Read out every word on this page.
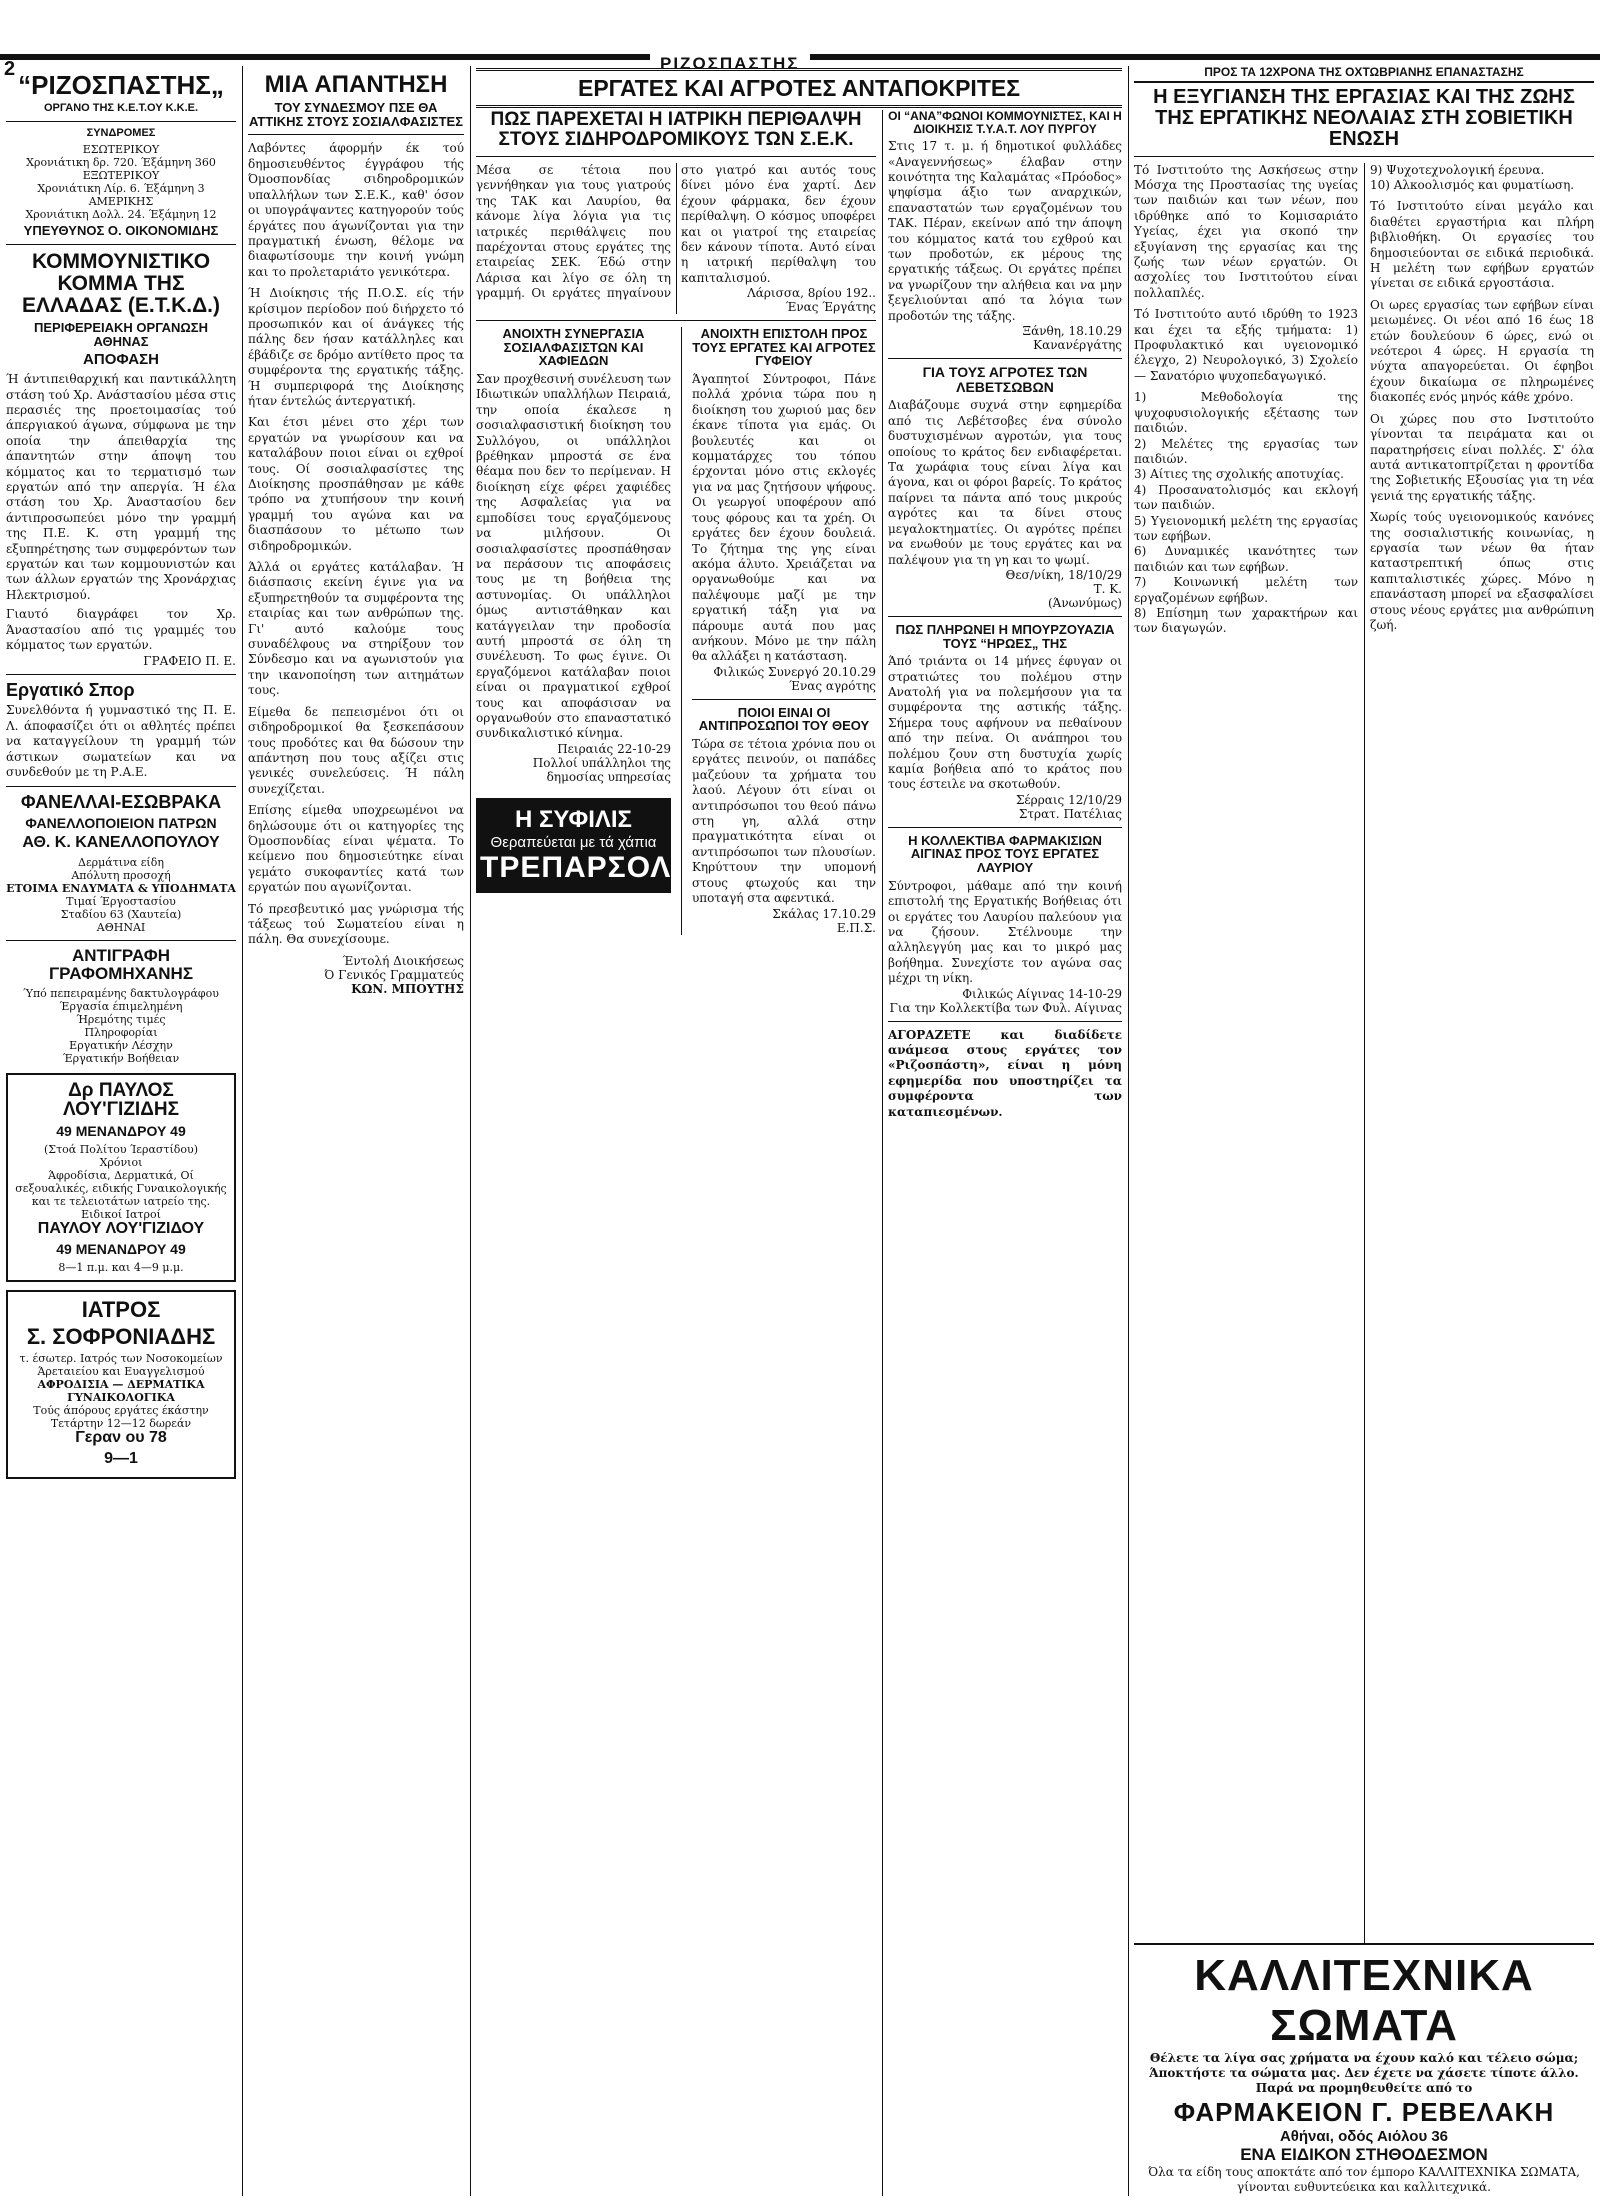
2	ΡΙΖΟΣΠΑΣΤΗΣ
“ΡΙΖΟΣΠΑΣΤΗΣ„
ΟΡΓΑΝΟ ΤΗΣ Κ.Ε.Τ.ΟΥ Κ.Κ.Ε.
ΣΥΝΔΡΟΜΕΣ
ΕΣΩΤΕΡΙΚΟΥ
Χρονιάτικη δρ. 720. Έξάμηνη 360
ΕΞΩΤΕΡΙΚΟΥ
Χρονιάτικη Λίρ. 6. Έξάμηνη 3
ΑΜΕΡΙΚΗΣ
Χρονιάτικη Δολλ. 24. Έξάμηνη 12
ΥΠΕΥΘΥΝΟΣ Ο. ΟΙΚΟΝΟΜΙΔΗΣ
ΚΟΜΜΟΥΝΙΣΤΙΚΟ ΚΟΜΜΑ ΤΗΣ ΕΛΛΑΔΑΣ (Ε.Τ.Κ.Δ.)
ΠΕΡΙΦΕΡΕΙΑΚΗ ΟΡΓΑΝΩΣΗ ΑΘΗΝΑΣ
ΑΠΟΦΑΣΗ
Ή άντιπειθαρχική και παντικάλλητη στάση τού Χρ. Ανάστασίου μέσα στις περασιές της προετοιμασίας τού άπεργιακού άγωνα, σύμφωνα με την οποία την άπειθαρχία της άπαντητών στην άποψη του κόμματος και το τερματισμό των εργατών από την απεργία. Ή έλα στάση του Χρ. Άναστασίου δεν άντιπροσωπεύει μόνο την γραμμή της Π.Ε. Κ. στη γραμμή της εξυπηρέτησης των συμφερόντων των εργατών και των κομμουνιστών και των άλλων εργατών της Χρονάρχιας Ηλεκτρισμού.
Γιαυτό διαγράφει τον Χρ. Άναστασίου από τις γραμμές του κόμματος των εργατών.
ΓΡΑΦΕΙΟ Π. Ε.
Εργατικό Σπορ
Συνελθόντα ή γυμναστικό της Π. Ε. Λ. άποφασίζει ότι οι αθλητές πρέπει να καταγγείλουν τη γραμμή τών άστικων σωματείων και να συνδεθούν με τη Ρ.Α.Ε.
ΦΑΝΕΛΛΑΙ-ΕΣΩΒΡΑΚΑ
ΦΑΝΕΛΛΟΠΟΙΕΙΟΝ ΠΑΤΡΩΝ
ΑΘ. Κ. ΚΑΝΕΛΛΟΠΟΥΛΟΥ
Δερμάτινα είδη
Απόλυτη προσοχή
ΕΤΟΙΜΑ ΕΝΔΥΜΑΤΑ & ΥΠΟΔΗΜΑΤΑ
Τιμαί Έργοστασίου
Σταδίου 63 (Χαυτεία)
ΑΘΗΝΑΙ
ΑΝΤΙΓΡΑΦΗ ΓΡΑΦΟΜΗΧΑΝΗΣ
Ύπό πεπειραμένης δακτυλογράφου
Έργασία έπιμελημένη
Ήρεμότης τιμές
Πληροφορίαι
Εργατικήν Λέσχην
Έργατικήν Βοήθειαν
Δρ ΠΑΥΛΟΣ ΛΟΥ'ΓΙΖΙΔΗΣ
49 ΜΕΝΑΝΔΡΟΥ 49
(Στοά Πολίτου Ίεραστίδου)
Χρόνιοι
Άφροδίσια, Δερματικά, Οί σεξουαλικές, ειδικής Γυναικολογικής και τε τελειοτάτων ιατρείο της.
Ειδικοί Ιατροί
ΠΑΥΛΟΥ ΛΟΥ'ΓΙΖΙΔΟΥ
49 ΜΕΝΑΝΔΡΟΥ 49
8—1 π.μ. και 4—9 μ.μ.
ΙΑΤΡΟΣ
Σ. ΣΟΦΡΟΝΙΑΔΗΣ
τ. έσωτερ. Ιατρός των Νοσοκομείων Άρεταιείου και Ευαγγελισμού
ΑΦΡΟΔΙΣΙΑ — ΔΕΡΜΑΤΙΚΑ
ΓΥΝΑΙΚΟΛΟΓΙΚΑ
Τούς άπόρους εργάτες έκάστην Τετάρτην 12—12 δωρεάν
Γεραν ου 78
9—1
ΜΙΑ ΑΠΑΝΤΗΣΗ
ΤΟΥ ΣΥΝΔΕΣΜΟΥ ΠΣΕ ΘΑ ΑΤΤΙΚΗΣ ΣΤΟΥΣ ΣΟΣΙΑΛΦΑΣΙΣΤΕΣ

Λαβόντες άφορμήν έκ τού δημοσιευθέντος έγγράφου τής Όμοσπονδίας σιδηροδρομικών υπαλλήλων των Σ.Ε.Κ., καθ' όσον οι υπογράψαντες κατηγορούν τούς έργάτες που άγωνίζονται για την πραγματική ένωση, θέλομε να διαφωτίσουμε την κοινή γνώμη και το προλεταριάτο γενικότερα.

Ή Διοίκησις τής Π.Ο.Σ. είς τήν κρίσιμον περίοδον πού διήρχετο τό προσωπικόν και οί άνάγκες τής πάλης δεν ήσαν κατάλληλες και έβάδιζε σε δρόμο αντίθετο προς τα συμφέροντα της εργατικής τάξης. Ή συμπεριφορά της Διοίκησης ήταν έντελώς άντεργατική.

Και έτσι μένει στο χέρι των εργατών να γνωρίσουν και να καταλάβουν ποιοι είναι οι εχθροί τους. Οί σοσιαλφασίστες της Διοίκησης προσπάθησαν με κάθε τρόπο να χτυπήσουν την κοινή γραμμή του αγώνα και να διασπάσουν το μέτωπο των σιδηροδρομικών.

Άλλά οι εργάτες κατάλαβαν. Ή διάσπασις εκείνη έγινε για να εξυπηρετηθούν τα συμφέροντα της εταιρίας και των ανθρώπων της. Γι' αυτό καλούμε τους συναδέλφους να στηρίξουν τον Σύνδεσμο και να αγωνιστούν για την ικανοποίηση των αιτημάτων τους.

Είμεθα δε πεπεισμένοι ότι οι σιδηροδρομικοί θα ξεσκεπάσουν τους προδότες και θα δώσουν την απάντηση που τους αξίζει στις γενικές συνελεύσεις. Ή πάλη συνεχίζεται.

Επίσης είμεθα υποχρεωμένοι να δηλώσουμε ότι οι κατηγορίες της Όμοσπονδίας είναι ψέματα. Το κείμενο που δημοσιεύτηκε είναι γεμάτο συκοφαντίες κατά των εργατών που αγωνίζονται.

Τό πρεσβευτικό μας γνώρισμα τής τάξεως τού Σωματείου είναι η πάλη. Θα συνεχίσουμε.

Έντολή Διοικήσεως
Ό Γενικός Γραμματεύς
ΚΩΝ. ΜΠΟΥΤΗΣ
ΕΡΓΑΤΕΣ ΚΑΙ ΑΓΡΟΤΕΣ ΑΝΤΑΠΟΚΡΙΤΕΣ
ΠΩΣ ΠΑΡΕΧΕΤΑΙ Η ΙΑΤΡΙΚΗ ΠΕΡΙΘΑΛΨΗ ΣΤΟΥΣ ΣΙΔΗΡΟΔΡΟΜΙΚΟΥΣ ΤΩΝ Σ.Ε.Κ.
Μέσα σε τέτοια που γεννήθηκαν για τους γιατρούς της ΤΑΚ και Λαυρίου, θα κάνομε λίγα λόγια για τις ιατρικές περιθάλψεις που παρέχονται στους εργάτες της εταιρείας ΣΕΚ. Έδώ στην Λάρισα και λίγο σε όλη τη γραμμή. Οι εργάτες πηγαίνουν στο γιατρό και αυτός τους δίνει μόνο ένα χαρτί. Δεν έχουν φάρμακα, δεν έχουν περίθαλψη. Ο κόσμος υποφέρει και οι γιατροί της εταιρείας δεν κάνουν τίποτα. Αυτό είναι η ιατρική περίθαλψη του καπιταλισμού.
Λάρισσα, 8ρίου 192..
Ένας Έργάτης
ΑΝΟΙΧΤΗ ΣΥΝΕΡΓΑΣΙΑ ΣΟΣΙΑΛΦΑΣΙΣΤΩΝ ΚΑΙ ΧΑΦΙΕΔΩΝ
Σαν προχθεσινή συνέλευση των Ιδιωτικών υπαλλήλων Πειραιά, την οποία έκαλεσε η σοσιαλφασιστική διοίκηση του Συλλόγου, οι υπάλληλοι βρέθηκαν μπροστά σε ένα θέαμα που δεν το περίμεναν. Η διοίκηση είχε φέρει χαφιέδες της Ασφαλείας για να εμποδίσει τους εργαζόμενους να μιλήσουν. Οι σοσιαλφασίστες προσπάθησαν να περάσουν τις αποφάσεις τους με τη βοήθεια της αστυνομίας. Οι υπάλληλοι όμως αντιστάθηκαν και κατάγγειλαν την προδοσία αυτή μπροστά σε όλη τη συνέλευση. Το φως έγινε. Οι εργαζόμενοι κατάλαβαν ποιοι είναι οι πραγματικοί εχθροί τους και αποφάσισαν να οργανωθούν στο επαναστατικό συνδικαλιστικό κίνημα.
Πειραιάς 22-10-29
Πολλοί υπάλληλοι της δημοσίας υπηρεσίας
Η ΣΥΦΙΛΙΣ
Θεραπεύεται με τά χάπια
ΤΡΕΠΑΡΣΟΛ
ΑΝΟΙΧΤΗ ΕΠΙΣΤΟΛΗ ΠΡΟΣ ΤΟΥΣ ΕΡΓΑΤΕΣ ΚΑΙ ΑΓΡΟΤΕΣ ΓΥΦΕΙΟΥ
Άγαπητοί Σύντροφοι, Πάνε πολλά χρόνια τώρα που η διοίκηση του χωριού μας δεν έκανε τίποτα για εμάς. Οι βουλευτές και οι κομματάρχες του τόπου έρχονται μόνο στις εκλογές για να μας ζητήσουν ψήφους. Οι γεωργοί υποφέρουν από τους φόρους και τα χρέη. Οι εργάτες δεν έχουν δουλειά. Το ζήτημα της γης είναι ακόμα άλυτο. Χρειάζεται να οργανωθούμε και να παλέψουμε μαζί με την εργατική τάξη για να πάρουμε αυτά που μας ανήκουν. Μόνο με την πάλη θα αλλάξει η κατάσταση.
Φιλικώς Συνεργό 20.10.29
Ένας αγρότης
ΠΟΙΟΙ ΕΙΝΑΙ ΟΙ ΑΝΤΙΠΡΟΣΩΠΟΙ ΤΟΥ ΘΕΟΥ
Τώρα σε τέτοια χρόνια που οι εργάτες πεινούν, οι παπάδες μαζεύουν τα χρήματα του λαού. Λέγουν ότι είναι οι αντιπρόσωποι του θεού πάνω στη γη, αλλά στην πραγματικότητα είναι οι αντιπρόσωποι των πλουσίων. Κηρύττουν την υπομονή στους φτωχούς και την υποταγή στα αφεντικά.
Σκάλας 17.10.29
Ε.Π.Σ.
ΟΙ “ΑΝΑ”ΦΩΝΟΙ ΚΟΜΜΟΥΝΙΣΤΕΣ, ΚΑΙ Η ΔΙΟΙΚΗΣΙΣ Τ.Υ.Α.Τ. ΛΟΥ ΠΥΡΓΟΥ
Στις 17 τ. μ. ή δημοτικοί φυλλάδες «Αναγεννήσεως» έλαβαν στην κοινότητα της Καλαμάτας «Πρόοδος» ψηφίσμα άξιο των αναρχικών, επαναστατών των εργαζομένων του ΤΑΚ. Πέραν, εκείνων από την άποψη του κόμματος κατά του εχθρού και των προδοτών, εκ μέρους της εργατικής τάξεως. Οι εργάτες πρέπει να γνωρίζουν την αλήθεια και να μην ξεγελιούνται από τα λόγια των προδοτών της τάξης.
Ξάνθη, 18.10.29
Κανανέργάτης
ΓΙΑ ΤΟΥΣ ΑΓΡΟΤΕΣ ΤΩΝ ΛΕΒΕΤΣΩΒΩΝ
Διαβάζουμε συχνά στην εφημερίδα από τις Λεβέτσοβες ένα σύνολο δυστυχισμένων αγροτών, για τους οποίους το κράτος δεν ενδιαφέρεται. Τα χωράφια τους είναι λίγα και άγονα, και οι φόροι βαρείς. Το κράτος παίρνει τα πάντα από τους μικρούς αγρότες και τα δίνει στους μεγαλοκτηματίες. Οι αγρότες πρέπει να ενωθούν με τους εργάτες και να παλέψουν για τη γη και το ψωμί.
Θεσ/νίκη, 18/10/29
Τ. Κ.
(Άνωνύμως)
ΠΩΣ ΠΛΗΡΩΝΕΙ Η ΜΠΟΥΡΖΟΥΑΖΙΑ ΤΟΥΣ “ΗΡΩΕΣ„ ΤΗΣ
Άπό τριάντα οι 14 μήνες έφυγαν οι στρατιώτες του πολέμου στην Ανατολή για να πολεμήσουν για τα συμφέροντα της αστικής τάξης. Σήμερα τους αφήνουν να πεθαίνουν από την πείνα. Οι ανάπηροι του πολέμου ζουν στη δυστυχία χωρίς καμία βοήθεια από το κράτος που τους έστειλε να σκοτωθούν.
Σέρραις 12/10/29
Στρατ. Πατέλιας
Η ΚΟΛΛΕΚΤΙΒΑ ΦΑΡΜΑΚΙΣΙΩΝ ΑΙΓΙΝΑΣ ΠΡΟΣ ΤΟΥΣ ΕΡΓΑΤΕΣ ΛΑΥΡΙΟΥ
Σύντροφοι, μάθαμε από την κοινή επιστολή της Εργατικής Βοήθειας ότι οι εργάτες του Λαυρίου παλεύουν για να ζήσουν. Στέλνουμε την αλληλεγγύη μας και το μικρό μας βοήθημα. Συνεχίστε τον αγώνα σας μέχρι τη νίκη.
Φιλικώς Αίγινας 14-10-29
Για την Κολλεκτίβα των Φυλ. Αίγινας
ΑΓΟΡΑΖΕΤΕ και διαδίδετε ανάμεσα στους εργάτες τον «Ριζοσπάστη», είναι η μόνη εφημερίδα που υποστηρίζει τα συμφέροντα των καταπιεσμένων.
ΠΡΟΣ ΤΑ 12ΧΡΟΝΑ ΤΗΣ ΟΧΤΩΒΡΙΑΝΗΣ ΕΠΑΝΑΣΤΑΣΗΣ
Η ΕΞΥΓΙΑΝΣΗ ΤΗΣ ΕΡΓΑΣΙΑΣ ΚΑΙ ΤΗΣ ΖΩΗΣ ΤΗΣ ΕΡΓΑΤΙΚΗΣ ΝΕΟΛΑΙΑΣ ΣΤΗ ΣΟΒΙΕΤΙΚΗ ΕΝΩΣΗ

Τό Ινστιτούτο της Ασκήσεως στην Μόσχα της Προστασίας της υγείας των παιδιών και των νέων, που ιδρύθηκε από το Κομισαριάτο Υγείας, έχει για σκοπό την εξυγίανση της εργασίας και της ζωής των νέων εργατών. Οι ασχολίες του Ινστιτούτου είναι πολλαπλές.

Τό Ινστιτούτο αυτό ιδρύθη το 1923 και έχει τα εξής τμήματα: 1) Προφυλακτικό και υγειονομικό έλεγχο, 2) Νευρολογικό, 3) Σχολείο — Σανατόριο ψυχοπεδαγωγικό.

1) Μεθοδολογία της ψυχοφυσιολογικής εξέτασης των παιδιών.
2) Μελέτες της εργασίας των παιδιών.
3) Αίτιες της σχολικής αποτυχίας.
4) Προσανατολισμός και εκλογή των παιδιών.
5) Υγειονομική μελέτη της εργασίας των εφήβων.
6) Δυναμικές ικανότητες των παιδιών και των εφήβων.
7) Κοινωνική μελέτη των εργαζομένων εφήβων.
8) Επίσημη των χαρακτήρων και των διαγωγών.
9) Ψυχοτεχνολογική έρευνα.
10) Αλκοολισμός και φυματίωση.

Τό Ινστιτούτο είναι μεγάλο και διαθέτει εργαστήρια και πλήρη βιβλιοθήκη. Οι εργασίες του δημοσιεύονται σε ειδικά περιοδικά. Η μελέτη των εφήβων εργατών γίνεται σε ειδικά εργοστάσια.

Οι ωρες εργασίας των εφήβων είναι μειωμένες. Οι νέοι από 16 έως 18 ετών δουλεύουν 6 ώρες, ενώ οι νεότεροι 4 ώρες. Η εργασία τη νύχτα απαγορεύεται. Οι έφηβοι έχουν δικαίωμα σε πληρωμένες διακοπές ενός μηνός κάθε χρόνο.

Οι χώρες που στο Ινστιτούτο γίνονται τα πειράματα και οι παρατηρήσεις είναι πολλές. Σ' όλα αυτά αντικατοπτρίζεται η φροντίδα της Σοβιετικής Εξουσίας για τη νέα γενιά της εργατικής τάξης.

Χωρίς τούς υγειονομικούς κανόνες της σοσιαλιστικής κοινωνίας, η εργασία των νέων θα ήταν καταστρεπτική όπως στις καπιταλιστικές χώρες. Μόνο η επανάσταση μπορεί να εξασφαλίσει στους νέους εργάτες μια ανθρώπινη ζωή.

ΚΑΛΛΙΤΕΧΝΙΚΑ ΣΩΜΑΤΑ
Θέλετε τα λίγα σας χρήματα να έχουν καλό και τέλειο σώμα; Άποκτήστε τα σώματα μας. Δεν έχετε να χάσετε τίποτε άλλο. Παρά να προμηθευθείτε από το
ΦΑΡΜΑΚΕΙΟΝ Γ. ΡΕΒΕΛΑΚΗ
Αθήναι, οδός Αιόλου 36
ΕΝΑ ΕΙΔΙΚΟΝ ΣΤΗΘΟΔΕΣΜΟΝ
Όλα τα είδη τους αποκτάτε από τον έμπορο ΚΑΛΛΙΤΕΧΝΙΚΑ ΣΩΜΑΤΑ, γίνονται ευθυντεύεικα και καλλιτεχνικά.
